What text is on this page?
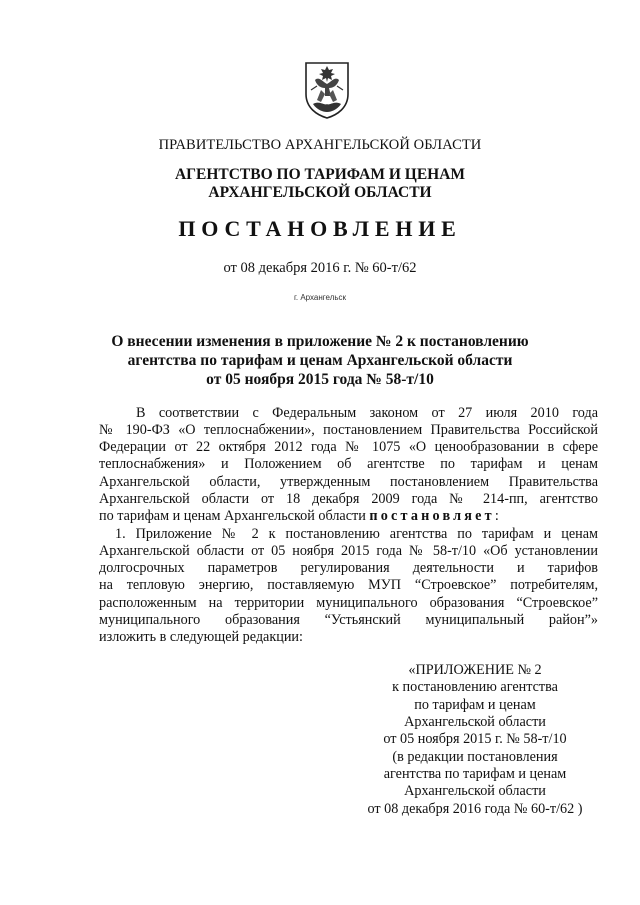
ПРАВИТЕЛЬСТВО АРХАНГЕЛЬСКОЙ ОБЛАСТИ
АГЕНТСТВО ПО ТАРИФАМ И ЦЕНАМ
АРХАНГЕЛЬСКОЙ ОБЛАСТИ
ПОСТАНОВЛЕНИЕ
от 08 декабря 2016 г. № 60-т/62
г. Архангельск
О внесении изменения в приложение № 2 к постановлению
агентства по тарифам и ценам Архангельской области
от 05 ноября 2015 года № 58-т/10
В соответствии с Федеральным законом от 27 июля 2010 года
№ 190-ФЗ «О теплоснабжении», постановлением Правительства Российской
Федерации от 22 октября 2012 года № 1075 «О ценообразовании в сфере
теплоснабжения» и Положением об агентстве по тарифам и ценам
Архангельской области, утвержденным постановлением Правительства
Архангельской области от 18 декабря 2009 года № 214-пп, агентство
по тарифам и ценам Архангельской области постановляет:
1. Приложение № 2 к постановлению агентства по тарифам и ценам
Архангельской области от 05 ноября 2015 года № 58-т/10 «Об установлении
долгосрочных параметров регулирования деятельности и тарифов
на тепловую энергию, поставляемую МУП “Строевское” потребителям,
расположенным на территории муниципального образования “Строевское”
муниципального образования “Устьянский муниципальный район”»
изложить в следующей редакции:
«ПРИЛОЖЕНИЕ № 2
к постановлению агентства
по тарифам и ценам
Архангельской области
от 05 ноября 2015 г. № 58-т/10
(в редакции постановления
агентства по тарифам и ценам
Архангельской области
от 08 декабря 2016 года № 60-т/62 )
